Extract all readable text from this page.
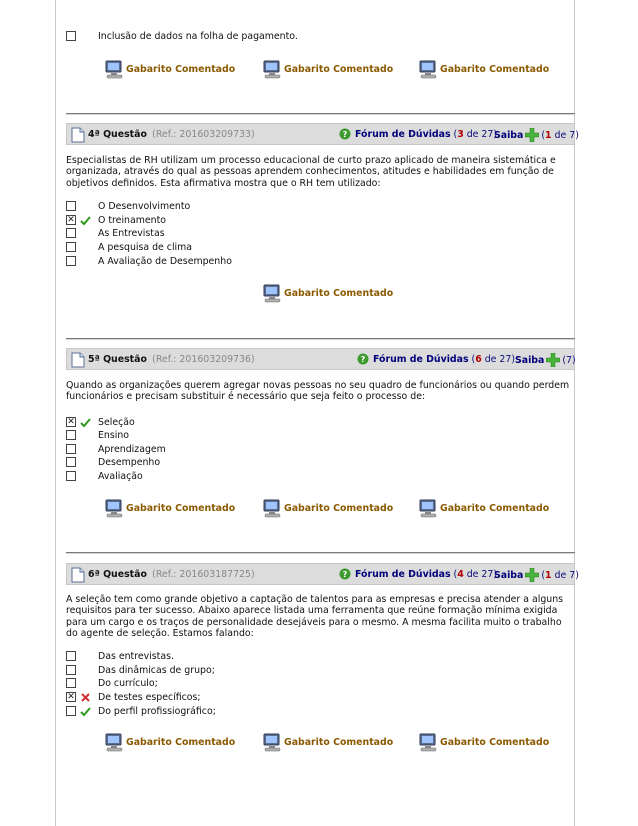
Inclusão de dados na folha de pagamento.
Gabarito Comentado	Gabarito Comentado	Gabarito Comentado
4ª Questão (Ref.: 201603209733)	? Fórum de Dúvidas
( 3
de 27)
Saiba ( 1
de 7)
Especialistas de RH utilizam um processo educacional de curto prazo aplicado de maneira sistemática e organizada, através do qual as pessoas aprendem conhecimentos, atitudes e habilidades em função de objetivos definidos. Esta afirmativa mostra que o RH tem utilizado:
O Desenvolvimento
✕ O treinamento
As Entrevistas
A pesquisa de clima
A Avaliação de Desempenho
Gabarito Comentado
5ª Questão (Ref.: 201603209736)	? Fórum de Dúvidas
( 6
de 27) Saiba (7)
Quando as organizações querem agregar novas pessoas no seu quadro de funcionários ou quando perdem funcionários e precisam substituir é necessário que seja feito o processo de:
✕ Seleção
Ensino
Aprendizagem
Desempenho
Avaliação
Gabarito Comentado	Gabarito Comentado	Gabarito Comentado
6ª Questão (Ref.: 201603187725)	? Fórum de Dúvidas
( 4
de 27)
Saiba ( 1
de 7)
A seleção tem como grande objetivo a captação de talentos para as empresas e precisa atender a alguns requisitos para ter sucesso. Abaixo aparece listada uma ferramenta que reúne formação mínima exigida para um cargo e os traços de personalidade desejáveis para o mesmo. A mesma facilita muito o trabalho do agente de seleção. Estamos falando:
Das entrevistas.
Das dinâmicas de grupo;
Do currículo;
✕ De testes específicos;
Do perfil profissiográfico;
Gabarito Comentado	Gabarito Comentado	Gabarito Comentado
